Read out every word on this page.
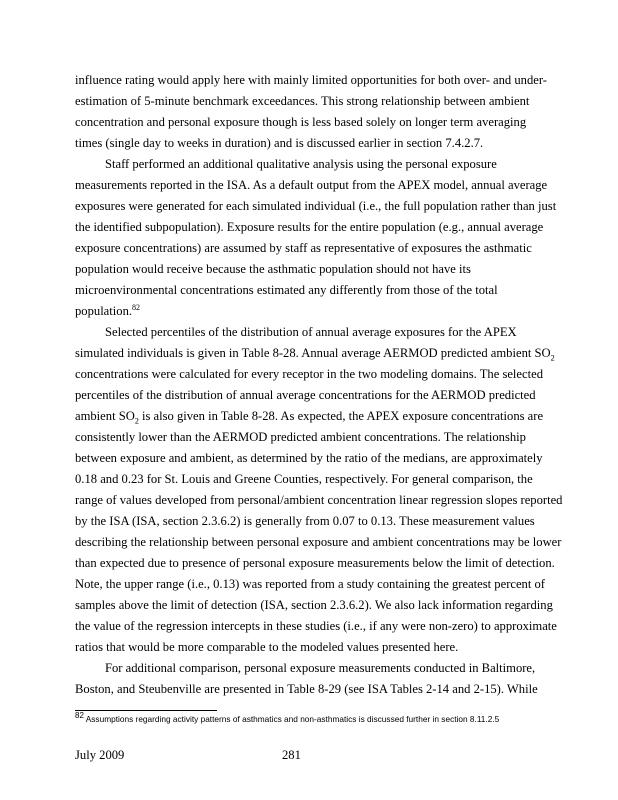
influence rating would apply here with mainly limited opportunities for both over- and under-
estimation of 5-minute benchmark exceedances. This strong relationship between ambient
concentration and personal exposure though is less based solely on longer term averaging
times (single day to weeks in duration) and is discussed earlier in section 7.4.2.7.
Staff performed an additional qualitative analysis using the personal exposure
measurements reported in the ISA. As a default output from the APEX model, annual average
exposures were generated for each simulated individual (i.e., the full population rather than just
the identified subpopulation). Exposure results for the entire population (e.g., annual average
exposure concentrations) are assumed by staff as representative of exposures the asthmatic
population would receive because the asthmatic population should not have its
microenvironmental concentrations estimated any differently from those of the total
population.$^{82}$
Selected percentiles of the distribution of annual average exposures for the APEX
simulated individuals is given in Table 8-28. Annual average AERMOD predicted ambient $SO_2$
concentrations were calculated for every receptor in the two modeling domains. The selected
percentiles of the distribution of annual average concentrations for the AERMOD predicted
ambient $SO_2$ is also given in Table 8-28. As expected, the APEX exposure concentrations are
consistently lower than the AERMOD predicted ambient concentrations. The relationship
between exposure and ambient, as determined by the ratio of the medians, are approximately
0.18 and 0.23 for St. Louis and Greene Counties, respectively. For general comparison, the
range of values developed from personal/ambient concentration linear regression slopes reported
by the ISA (ISA, section 2.3.6.2) is generally from 0.07 to 0.13. These measurement values
describing the relationship between personal exposure and ambient concentrations may be lower
than expected due to presence of personal exposure measurements below the limit of detection.
Note, the upper range (i.e., 0.13) was reported from a study containing the greatest percent of
samples above the limit of detection (ISA, section 2.3.6.2). We also lack information regarding
the value of the regression intercepts in these studies (i.e., if any were non-zero) to approximate
ratios that would be more comparable to the modeled values presented here.
For additional comparison, personal exposure measurements conducted in Baltimore,
Boston, and Steubenville are presented in Table 8-29 (see ISA Tables 2-14 and 2-15). While
82 Assumptions regarding activity patterns of asthmatics and non-asthmatics is discussed further in section 8.11.2.5
July 2009	281
